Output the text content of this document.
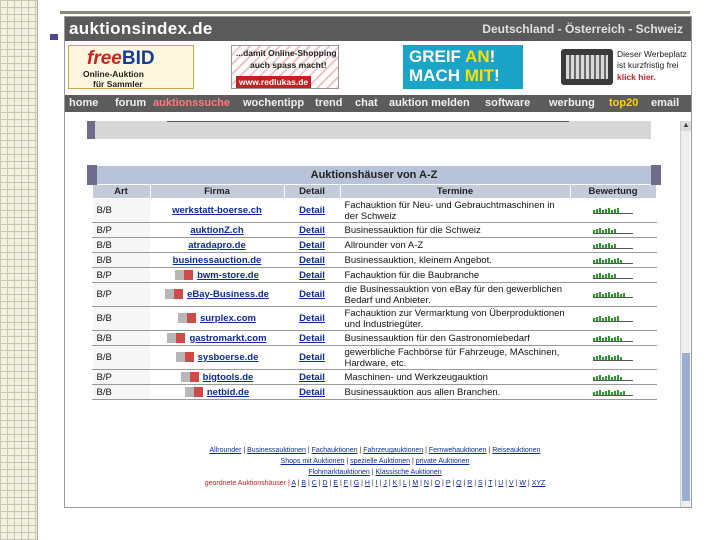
auktionsindex.de	Deutschland - Österreich - Schweiz
freeBID
Online-Auktion
für Sammler
...damit Online-Shopping
auch spass macht!
www.redlukas.de
GREIF AN!
MACH MIT!
Dieser Werbeplatz
ist kurzfristig frei
klick hier.
home forum auktionssuche wochentipp trend chat auktion melden software werbung top20 email
Auktionshäuser von A-Z				
Art	Firma	Detail	Termine	Bewertung
B/B	werkstatt-boerse.ch	Detail	Fachauktion für Neu- und Gebrauchtmaschinen in der Schweiz	

B/P	auktionZ.ch	Detail	Businessauktion für die Schweiz	

B/B	atradapro.de	Detail	Allrounder von A-Z	

B/B	businessauction.de	Detail	Businessauktion, kleinem Angebot.	

B/P	bwm-store.de	Detail	Fachauktion für die Baubranche	

B/P	eBay-Business.de	Detail	die Businessauktion von eBay für den gewerblichen Bedarf und Anbieter.	

B/B	surplex.com	Detail	Fachauktion zur Vermarktung von Überproduktionen und Industriegüter.	

B/B	gastromarkt.com	Detail	Businessauktion für den Gastronomiebedarf	

B/B	sysboerse.de	Detail	gewerbliche Fachbörse für Fahrzeuge, MAschinen, Hardware, etc.	

B/P	bigtools.de	Detail	Maschinen- und Werkzeugauktion	

B/B	netbid.de	Detail	Businessauktion aus allen Branchen.	
▲
Allrounder | Businessauktionen | Fachauktionen | Fahrzeugauktionen | Fernwehauktionen | Reiseauktionen
Shops mit Auktionen | spezielle Auktionen | private Auktionen
Flohmarktauktionen | Klassische Auktionen
geordnete Auktionshäuser | A | B | C | D | E | F | G | H | I | J | K | L | M | N | O | P | Q | R | S | T | U | V | W | XYZ
